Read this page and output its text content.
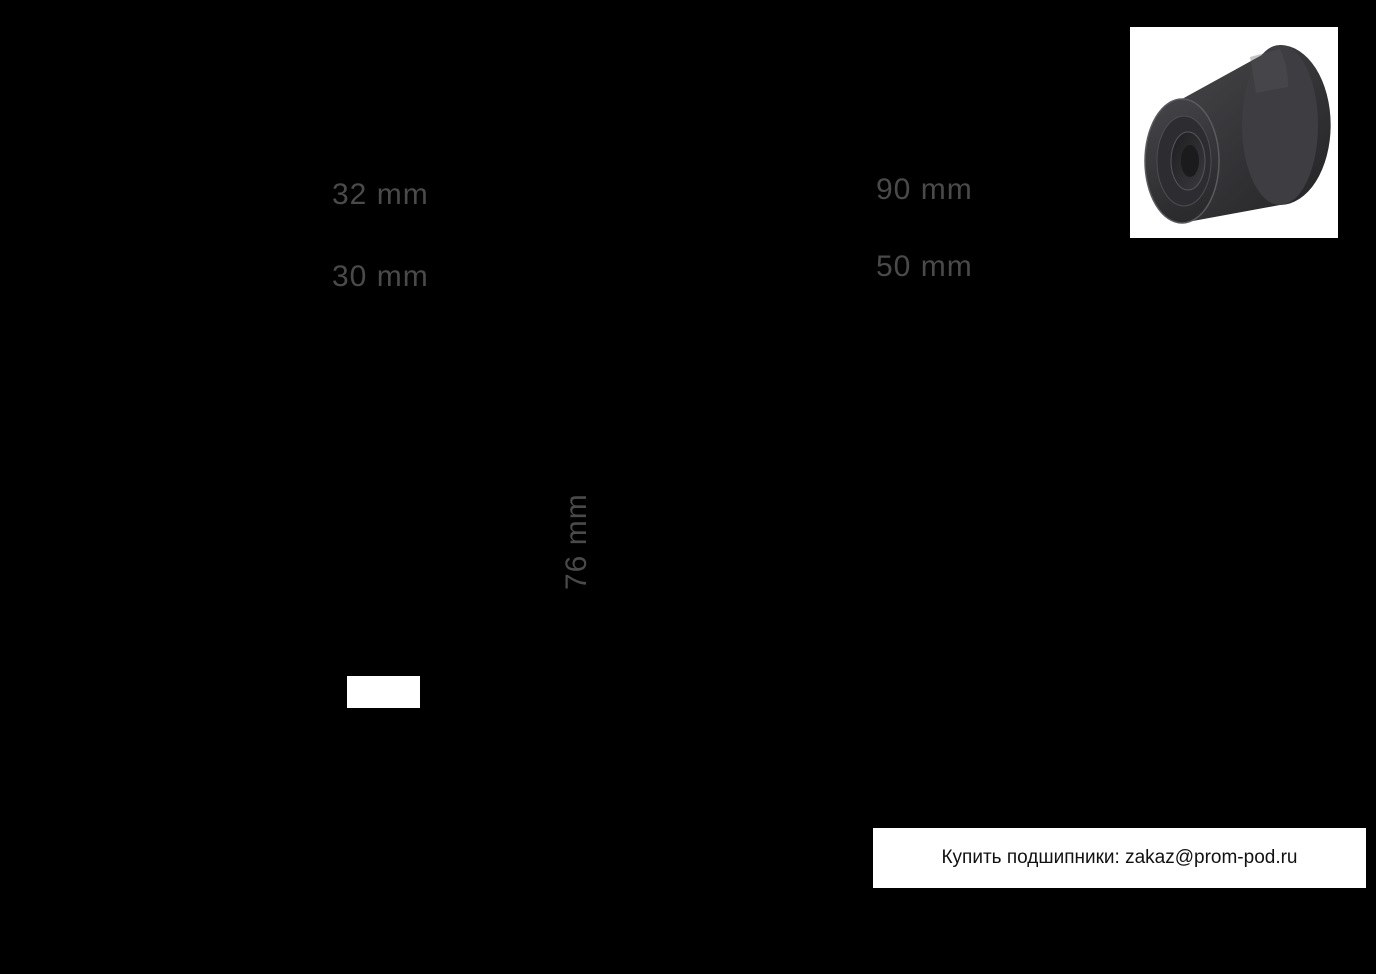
32 mm
30 mm
90 mm
50 mm
76 mm
Купить подшипники: zakaz@prom-pod.ru
